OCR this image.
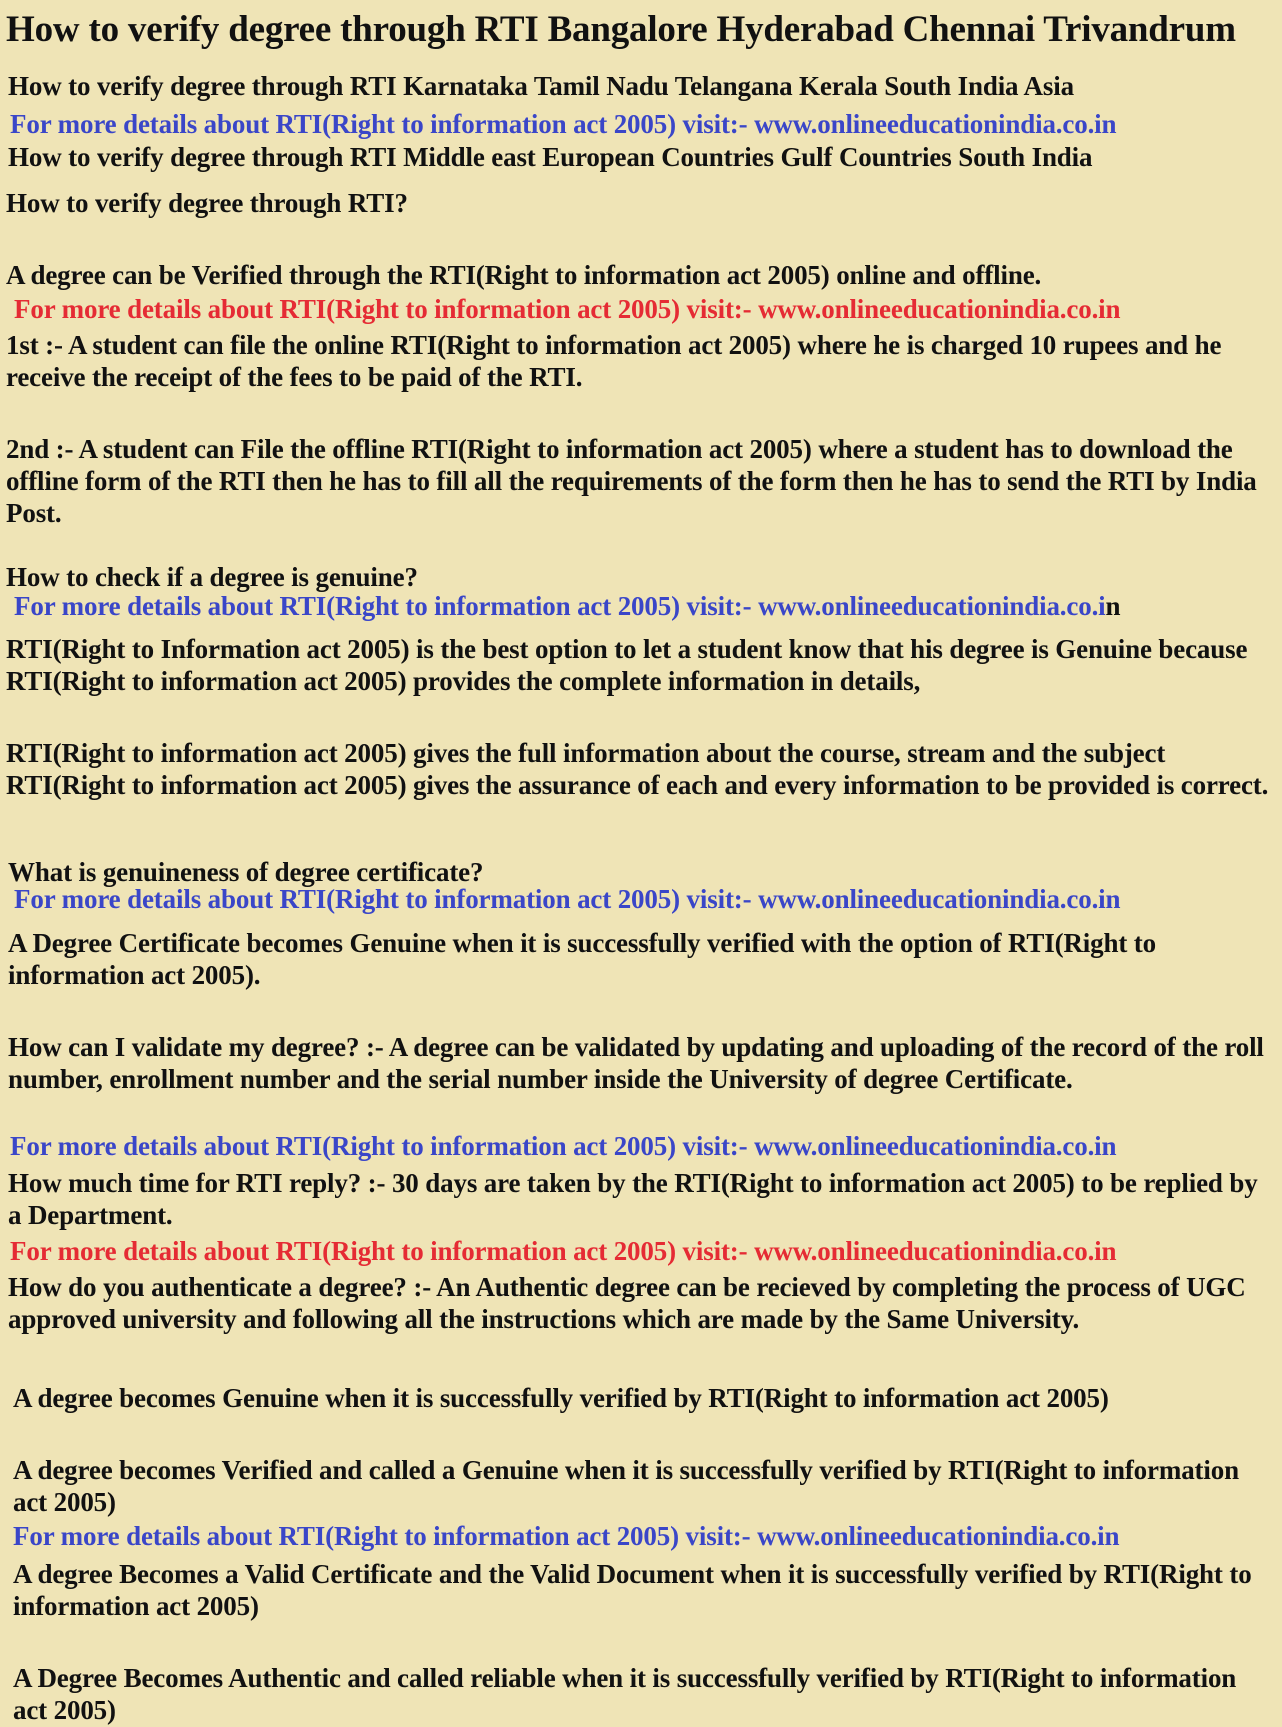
How to verify degree through RTI Bangalore Hyderabad Chennai Trivandrum

How to verify degree through RTI Karnataka Tamil Nadu Telangana Kerala South India Asia

For more details about RTI(Right to information act 2005) visit:- www.onlineeducationindia.co.in

How to verify degree through RTI Middle east European Countries Gulf Countries South India

How to verify degree through RTI?

A degree can be Verified through the RTI(Right to information act 2005) online and offline.

For more details about RTI(Right to information act 2005) visit:- www.onlineeducationindia.co.in

1st :- A student can file the online RTI(Right to information act 2005) where he is charged 10 rupees and he receive the receipt of the fees to be paid of the RTI.

2nd :- A student can File the offline RTI(Right to information act 2005) where a student has to download the offline form of the RTI then he has to fill all the requirements of the form then he has to send the RTI by India Post.

How to check if a degree is genuine?

For more details about RTI(Right to information act 2005) visit:- www.onlineeducationindia.co.in

RTI(Right to Information act 2005) is the best option to let a student know that his degree is Genuine because RTI(Right to information act 2005) provides the complete information in details,

RTI(Right to information act 2005) gives the full information about the course, stream and the subject RTI(Right to information act 2005) gives the assurance of each and every information to be provided is correct.

What is genuineness of degree certificate?

For more details about RTI(Right to information act 2005) visit:- www.onlineeducationindia.co.in

A Degree Certificate becomes Genuine when it is successfully verified with the option of RTI(Right to information act 2005).

How can I validate my degree? :- A degree can be validated by updating and uploading of the record of the roll number, enrollment number and the serial number inside the University of degree Certificate.

For more details about RTI(Right to information act 2005) visit:- www.onlineeducationindia.co.in

How much time for RTI reply? :- 30 days are taken by the RTI(Right to information act 2005) to be replied by a Department.

For more details about RTI(Right to information act 2005) visit:- www.onlineeducationindia.co.in

How do you authenticate a degree? :- An Authentic degree can be recieved by completing the process of UGC approved university and following all the instructions which are made by the Same University.

A degree becomes Genuine when it is successfully verified by RTI(Right to information act 2005)

A degree becomes Verified and called a Genuine when it is successfully verified by RTI(Right to information act 2005)

For more details about RTI(Right to information act 2005) visit:- www.onlineeducationindia.co.in

A degree Becomes a Valid Certificate and the Valid Document when it is successfully verified by RTI(Right to information act 2005)

A Degree Becomes Authentic and called reliable when it is successfully verified by RTI(Right to information act 2005)
